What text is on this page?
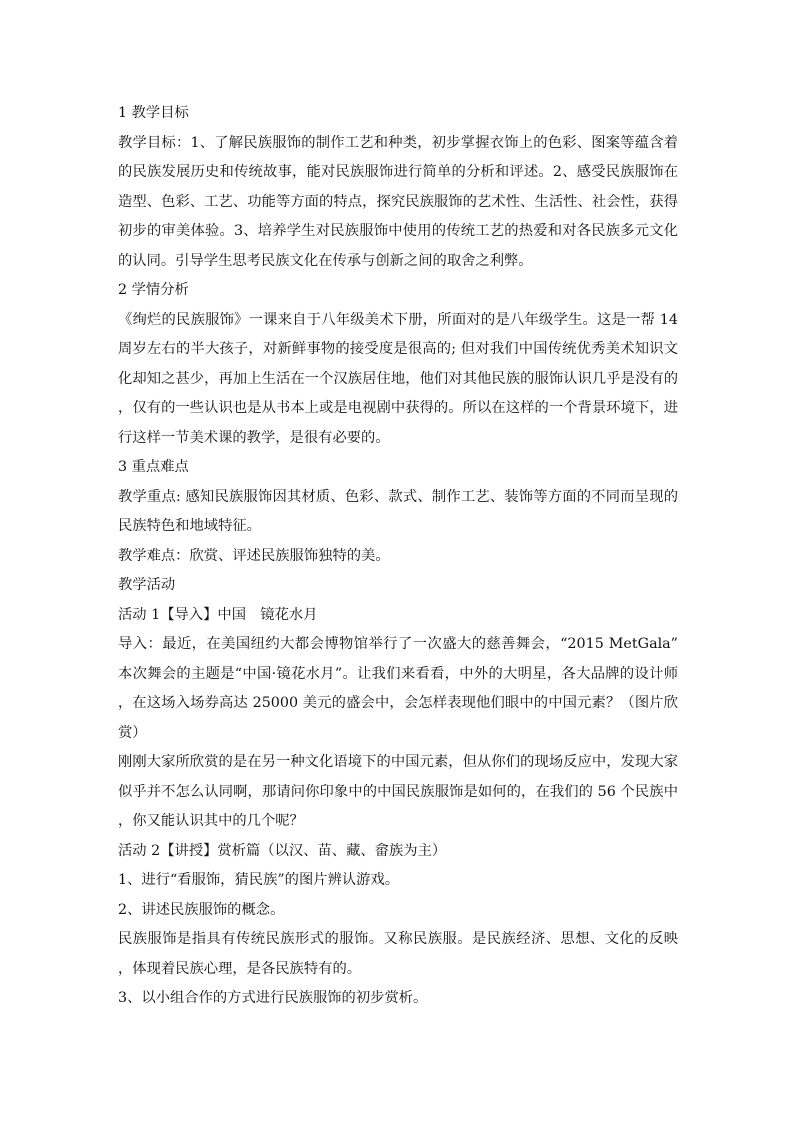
1 教学目标

教学目标：1、了解民族服饰的制作工艺和种类，初步掌握衣饰上的色彩、图案等蕴含着的民族发展历史和传统故事，能对民族服饰进行简单的分析和评述。2、感受民族服饰在造型、色彩、工艺、功能等方面的特点，探究民族服饰的艺术性、生活性、社会性，获得初步的审美体验。3、培养学生对民族服饰中使用的传统工艺的热爱和对各民族多元文化的认同。引导学生思考民族文化在传承与创新之间的取舍之利弊。

2 学情分析

《绚烂的民族服饰》一课来自于八年级美术下册，所面对的是八年级学生。这是一帮 14 周岁左右的半大孩子，对新鲜事物的接受度是很高的; 但对我们中国传统优秀美术知识文化却知之甚少，再加上生活在一个汉族居住地，他们对其他民族的服饰认识几乎是没有的，仅有的一些认识也是从书本上或是电视剧中获得的。所以在这样的一个背景环境下，进行这样一节美术课的教学，是很有必要的。

3 重点难点

教学重点: 感知民族服饰因其材质、色彩、款式、制作工艺、装饰等方面的不同而呈现的民族特色和地域特征。

教学难点：欣赏、评述民族服饰独特的美。

教学活动

活动 1【导入】中国　镜花水月

导入：最近，在美国纽约大都会博物馆举行了一次盛大的慈善舞会，“2015 MetGala”本次舞会的主题是“中国·镜花水月”。让我们来看看，中外的大明星，各大品牌的设计师，在这场入场券高达 25000 美元的盛会中，会怎样表现他们眼中的中国元素？（图片欣赏）

刚刚大家所欣赏的是在另一种文化语境下的中国元素，但从你们的现场反应中，发现大家似乎并不怎么认同啊，那请问你印象中的中国民族服饰是如何的，在我们的 56 个民族中，你又能认识其中的几个呢？

活动 2【讲授】赏析篇（以汉、苗、藏、畲族为主）

1、进行“看服饰，猜民族”的图片辨认游戏。

2、讲述民族服饰的概念。

民族服饰是指具有传统民族形式的服饰。又称民族服。是民族经济、思想、文化的反映 ，体现着民族心理，是各民族特有的。

3、以小组合作的方式进行民族服饰的初步赏析。
